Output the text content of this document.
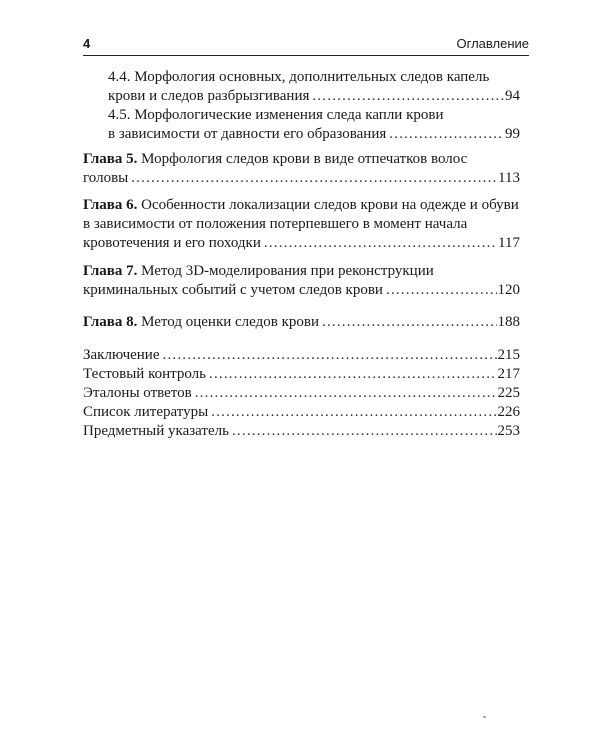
4	Оглавление
4.4. Морфология основных, дополнительных следов капель
крови и следов разбрызгивания .....	94
4.5. Морфологические изменения следа капли крови
в зависимости от давности его образования .....	99
Глава 5. Морфология следов крови в виде отпечатков волос
головы .....	113
Глава 6. Особенности локализации следов крови на одежде и обуви
в зависимости от положения потерпевшего в момент начала
кровотечения и его походки .....	117
Глава 7. Метод 3D-моделирования при реконструкции
криминальных событий с учетом следов крови .....	120
Глава 8. Метод оценки следов крови .....	188
Заключение .....	215
Тестовый контроль .....	217
Эталоны ответов .....	225
Список литературы .....	226
Предметный указатель .....	253
